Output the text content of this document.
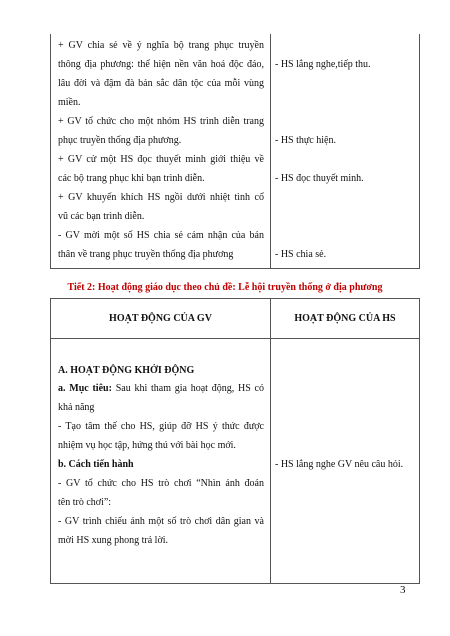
+ GV chia sẻ về ý nghĩa bộ trang phục truyền
thông địa phương: thể hiện nền văn hoá độc đáo,
lâu đời và đậm đà bản sắc dân tộc của mỗi vùng
miền.
+ GV tổ chức cho một nhóm HS trình diễn trang
phục truyền thống địa phương.
+ GV cử một HS đọc thuyết minh giới thiệu về
các bộ trang phục khi bạn trình diễn.
+ GV khuyến khích HS ngồi dưới nhiệt tình cổ
vũ các bạn trình diễn.
- GV mời một số HS chia sẻ cảm nhận của bản
thân về trang phục truyền thống địa phương
- HS lắng nghe,tiếp thu.
- HS thực hiện.
- HS đọc thuyết minh.
- HS chia sẻ.
Tiết 2: Hoạt động giáo dục theo chủ đề: Lễ hội truyền thống ở địa phương
HOẠT ĐỘNG CỦA GV	HOẠT ĐỘNG CỦA HS
A. HOẠT ĐỘNG KHỞI ĐỘNG
a. Mục tiêu: Sau khi tham gia hoạt động, HS có
khả năng
- Tạo tâm thế cho HS, giúp đỡ HS ý thức được
nhiệm vụ học tập, hứng thú với bài học mới.
b. Cách tiến hành
- GV tổ chức cho HS trò chơi “Nhìn ảnh đoán
tên trò chơi”:
- GV trình chiếu ảnh một số trò chơi dân gian và
mời HS xung phong trả lời.
- HS lắng nghe GV nêu câu hỏi.
3
